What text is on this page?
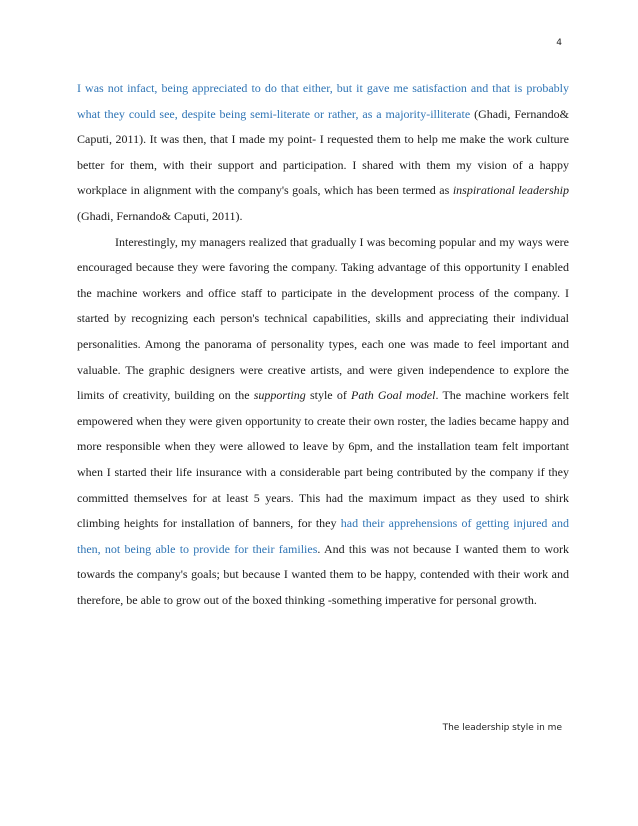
4

I was not infact, being appreciated to do that either, but it gave me satisfaction and that is probably what they could see, despite being semi-literate or rather, as a majority-illiterate (Ghadi, Fernando& Caputi, 2011). It was then, that I made my point- I requested them to help me make the work culture better for them, with their support and participation. I shared with them my vision of a happy workplace in alignment with the company's goals, which has been termed as inspirational leadership (Ghadi, Fernando& Caputi, 2011).

Interestingly, my managers realized that gradually I was becoming popular and my ways were encouraged because they were favoring the company. Taking advantage of this opportunity I enabled the machine workers and office staff to participate in the development process of the company. I started by recognizing each person's technical capabilities, skills and appreciating their individual personalities. Among the panorama of personality types, each one was made to feel important and valuable. The graphic designers were creative artists, and were given independence to explore the limits of creativity, building on the supporting style of Path Goal model. The machine workers felt empowered when they were given opportunity to create their own roster, the ladies became happy and more responsible when they were allowed to leave by 6pm, and the installation team felt important when I started their life insurance with a considerable part being contributed by the company if they committed themselves for at least 5 years. This had the maximum impact as they used to shirk climbing heights for installation of banners, for they had their apprehensions of getting injured and then, not being able to provide for their families. And this was not because I wanted them to work towards the company's goals; but because I wanted them to be happy, contended with their work and therefore, be able to grow out of the boxed thinking -something imperative for personal growth.

The leadership style in me
